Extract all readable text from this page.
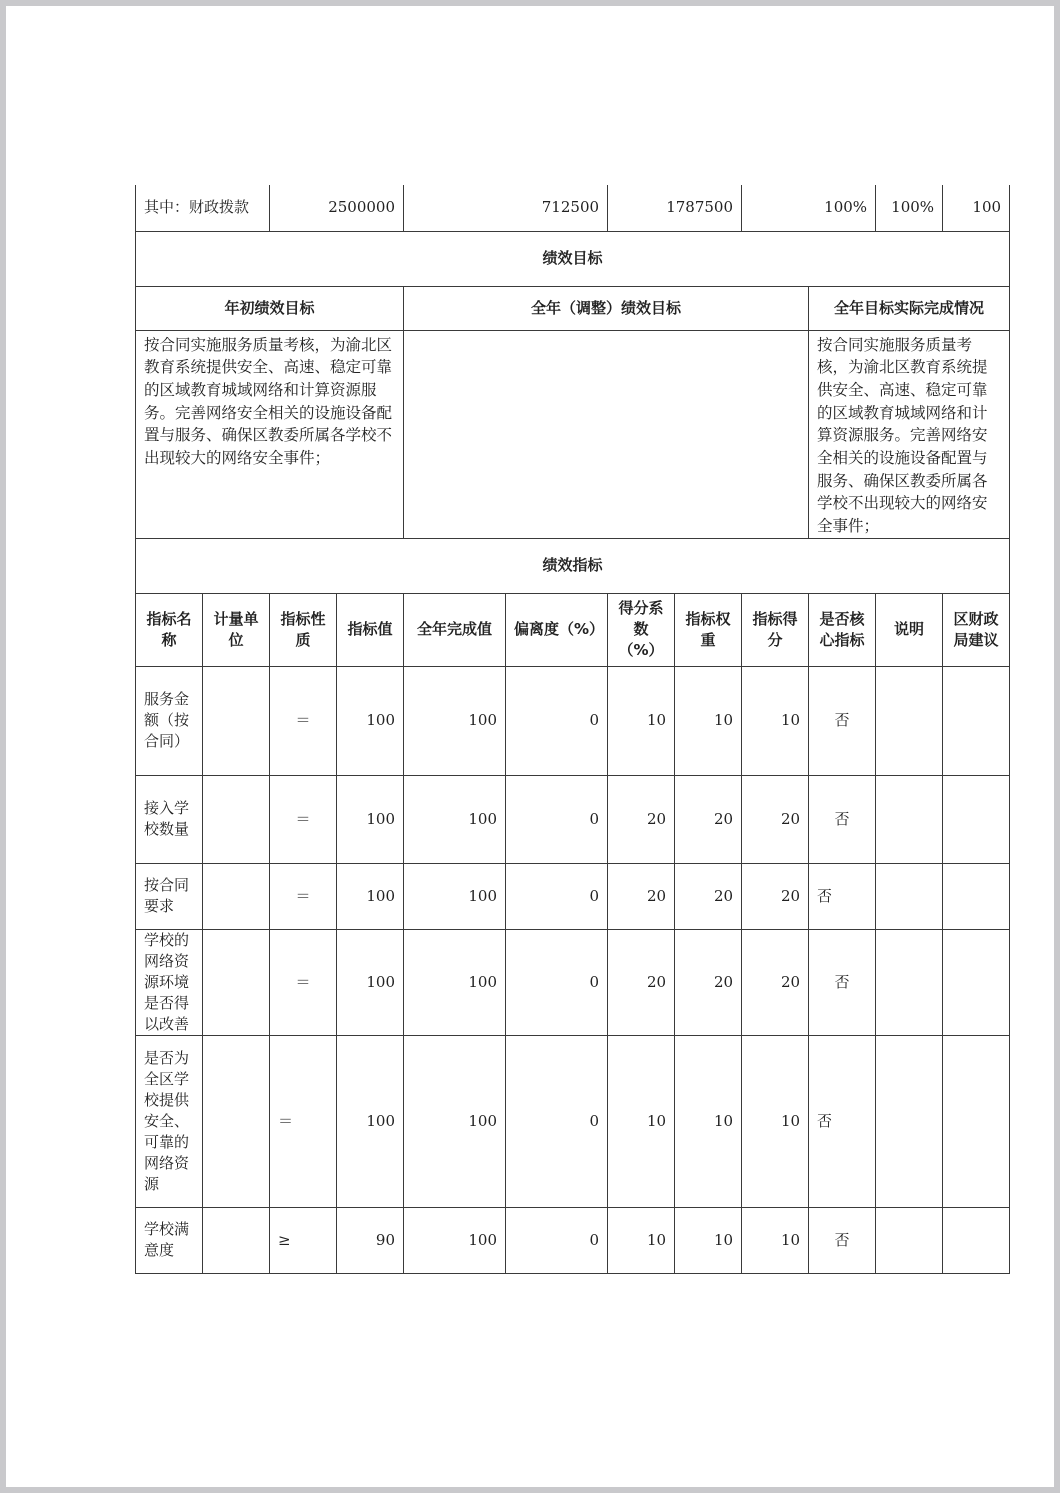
其中：财政拨款		2500000		712500		1787500		100%		100%	100
绩效目标											
年初绩效目标				全年（调整）绩效目标					全年目标实际完成情况		
按合同实施服务质量考核，为渝北区教育系统提供安全、高速、稳定可靠的区域教育城域网络和计算资源服务。完善网络安全相关的设施设备配置与服务、确保区教委所属各学校不出现较大的网络安全事件；									按合同实施服务质量考核，为渝北区教育系统提供安全、高速、稳定可靠的区域教育城域网络和计算资源服务。完善网络安全相关的设施设备配置与服务、确保区教委所属各学校不出现较大的网络安全事件；		
绩效指标											
指标名称	计量单位	指标性质	指标值	全年完成值	偏离度（%）	得分系数（%）	指标权重	指标得分	是否核心指标	说明	区财政局建议
服务金额（按合同）		＝	100	100	0	10	10	10	否		
接入学校数量		＝	100	100	0	20	20	20	否		
按合同要求		＝	100	100	0	20	20	20	否		
学校的网络资源环境是否得以改善		＝	100	100	0	20	20	20	否		
是否为全区学校提供安全、可靠的网络资源		＝	100	100	0	10	10	10	否		
学校满意度		≥	90	100	0	10	10	10	否		
